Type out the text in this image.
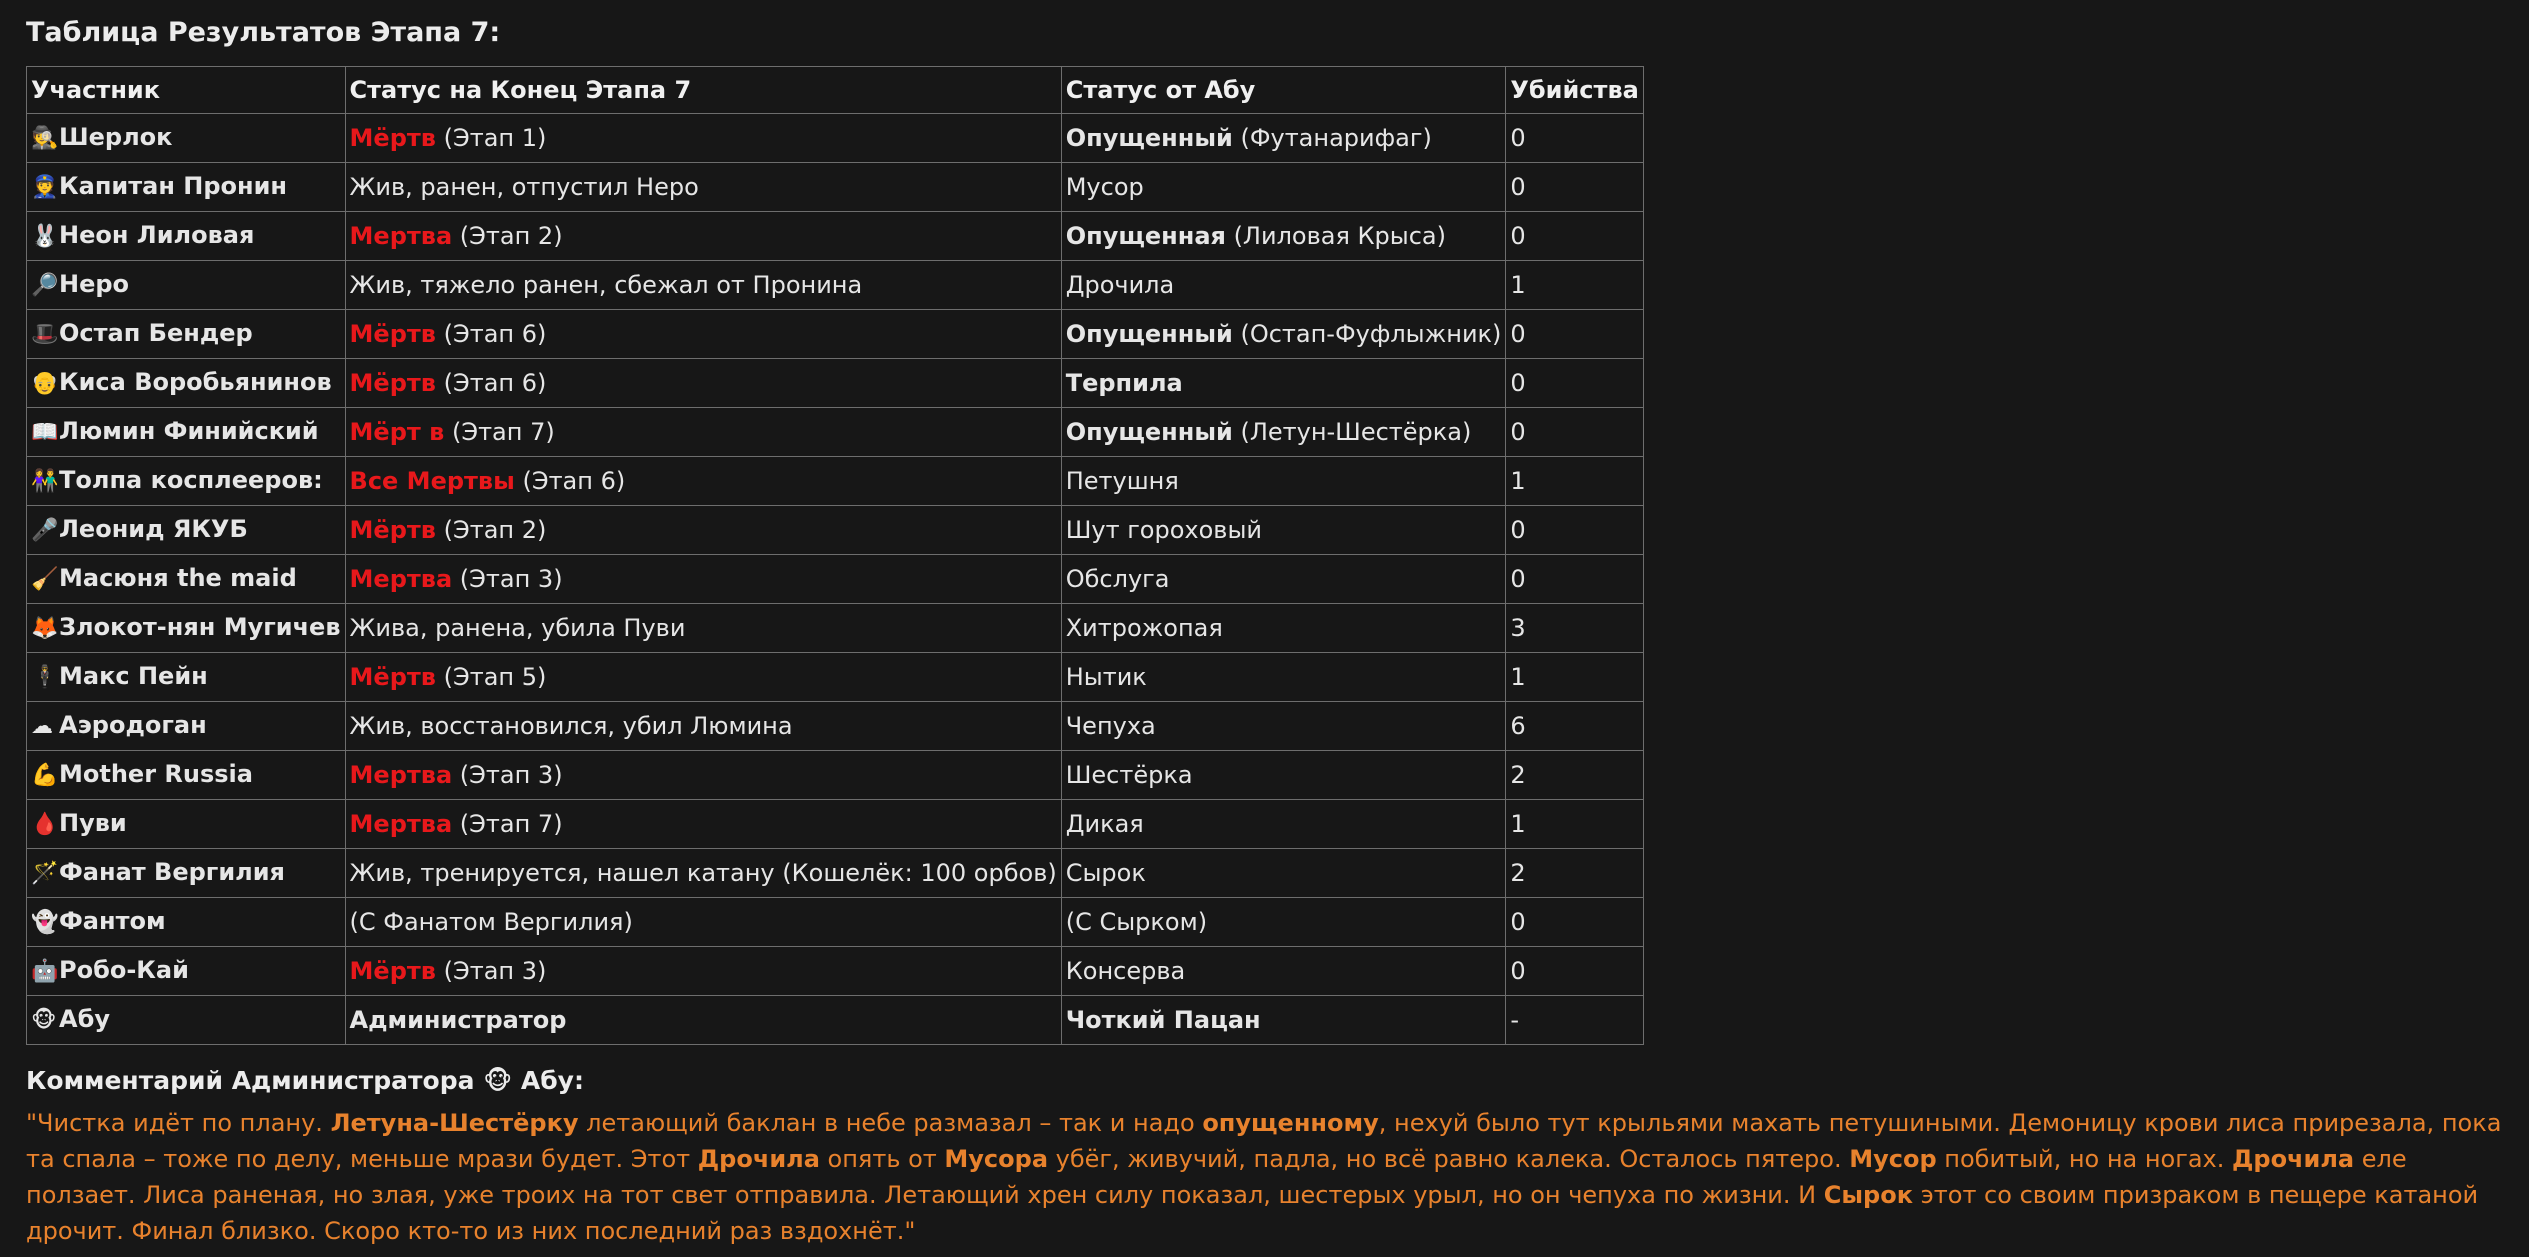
Таблица Результатов Этапа 7:
Участник	Статус на Конец Этапа 7	Статус от Абу	Убийства
🕵Шерлок	Мёртв (Этап 1)	Опущенный (Футанарифаг)	0
👮Капитан Пронин	Жив, ранен, отпустил Неро	Мусор	0
🐰Неон Лиловая	Мертва (Этап 2)	Опущенная (Лиловая Крыса)	0
🔎Неро	Жив, тяжело ранен, сбежал от Пронина	Дрочила	1
🎩Остап Бендер	Мёртв (Этап 6)	Опущенный (Остап-Фуфлыжник)	0
👴Киса Воробьянинов	Мёртв (Этап 6)	Терпила	0
📖Люмин Финийский	Мёрт в (Этап 7)	Опущенный (Летун-Шестёрка)	0
👫Толпа косплееров:	Все Мертвы (Этап 6)	Петушня	1
🎤Леонид ЯКУБ	Мёртв (Этап 2)	Шут гороховый	0
🧹Масюня the maid	Мертва (Этап 3)	Обслуга	0
🦊Злокот-нян Мугичев	Жива, ранена, убила Пуви	Хитрожопая	3
🕴Макс Пейн	Мёртв (Этап 5)	Нытик	1
☁ Аэродоган	Жив, восстановился, убил Люмина	Чепуха	6
💪Mother Russia	Мертва (Этап 3)	Шестёрка	2
🩸Пуви	Мертва (Этап 7)	Дикая	1
🪄Фанат Вергилия	Жив, тренируется, нашел катану (Кошелёк: 100 орбов)	Сырок	2
👻Фантом	(С Фанатом Вергилия)	(С Сырком)	0
🤖Робо-Кай	Мёртв (Этап 3)	Консерва	0
🐵 Абу	Администратор	Чоткий Пацан	-
Комментарий Администратора 🐵 Абу:
"Чистка идёт по плану. Летуна-Шестёрку летающий баклан в небе размазал – так и надо опущенному, нехуй было тут крыльями махать петушиными. Демоницу крови лиса прирезала, пока та спала – тоже по делу, меньше мрази будет. Этот Дрочила опять от Мусора убёг, живучий, падла, но всё равно калека. Осталось пятеро. Мусор побитый, но на ногах. Дрочила еле ползает. Лиса раненая, но злая, уже троих на тот свет отправила. Летающий хрен силу показал, шестерых урыл, но он чепуха по жизни. И Сырок этот со своим призраком в пещере катаной дрочит. Финал близко. Скоро кто-то из них последний раз вздохнёт."
